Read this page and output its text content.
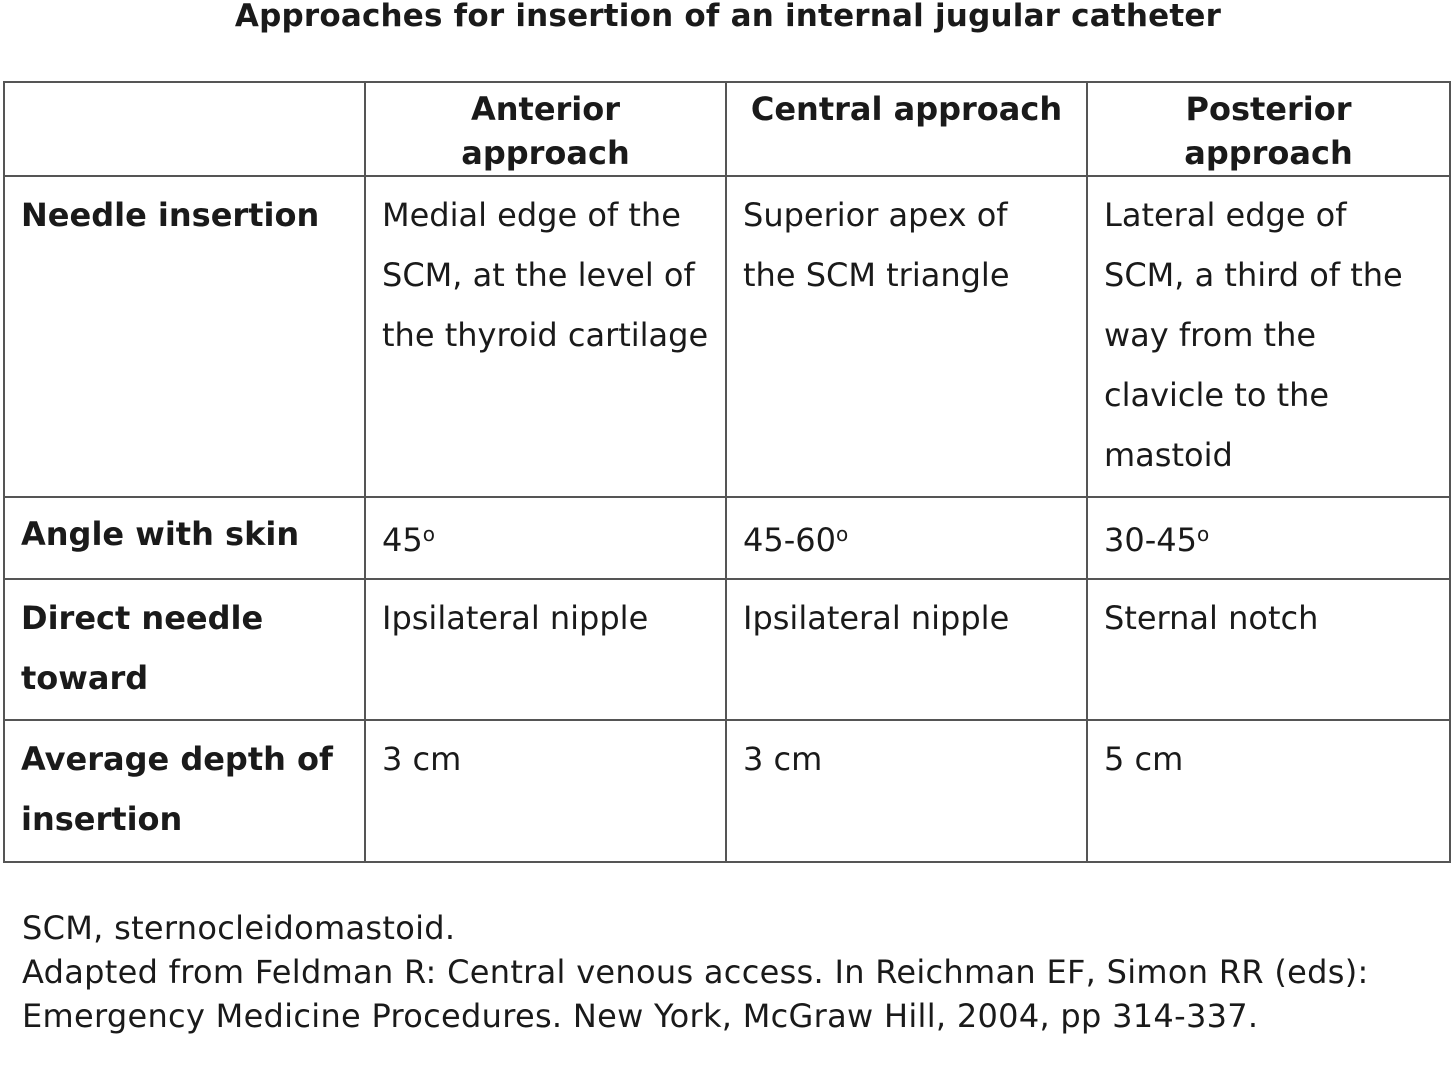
Approaches for insertion of an internal jugular catheter
	Anterior approach	Central approach	Posterior approach
Needle insertion	Medial edge of the SCM, at the level of the thyroid cartilage	Superior apex of the SCM triangle	Lateral edge of SCM, a third of the way from the clavicle to the mastoid
Angle with skin	45$^o$	45-60$^o$	30-45$^o$
Direct needle toward	Ipsilateral nipple	Ipsilateral nipple	Sternal notch
Average depth of insertion	3 cm	3 cm	5 cm

SCM, sternocleidomastoid.

Adapted from Feldman R: Central venous access. In Reichman EF, Simon RR (eds): Emergency Medicine Procedures. New York, McGraw Hill, 2004, pp 314-337.
